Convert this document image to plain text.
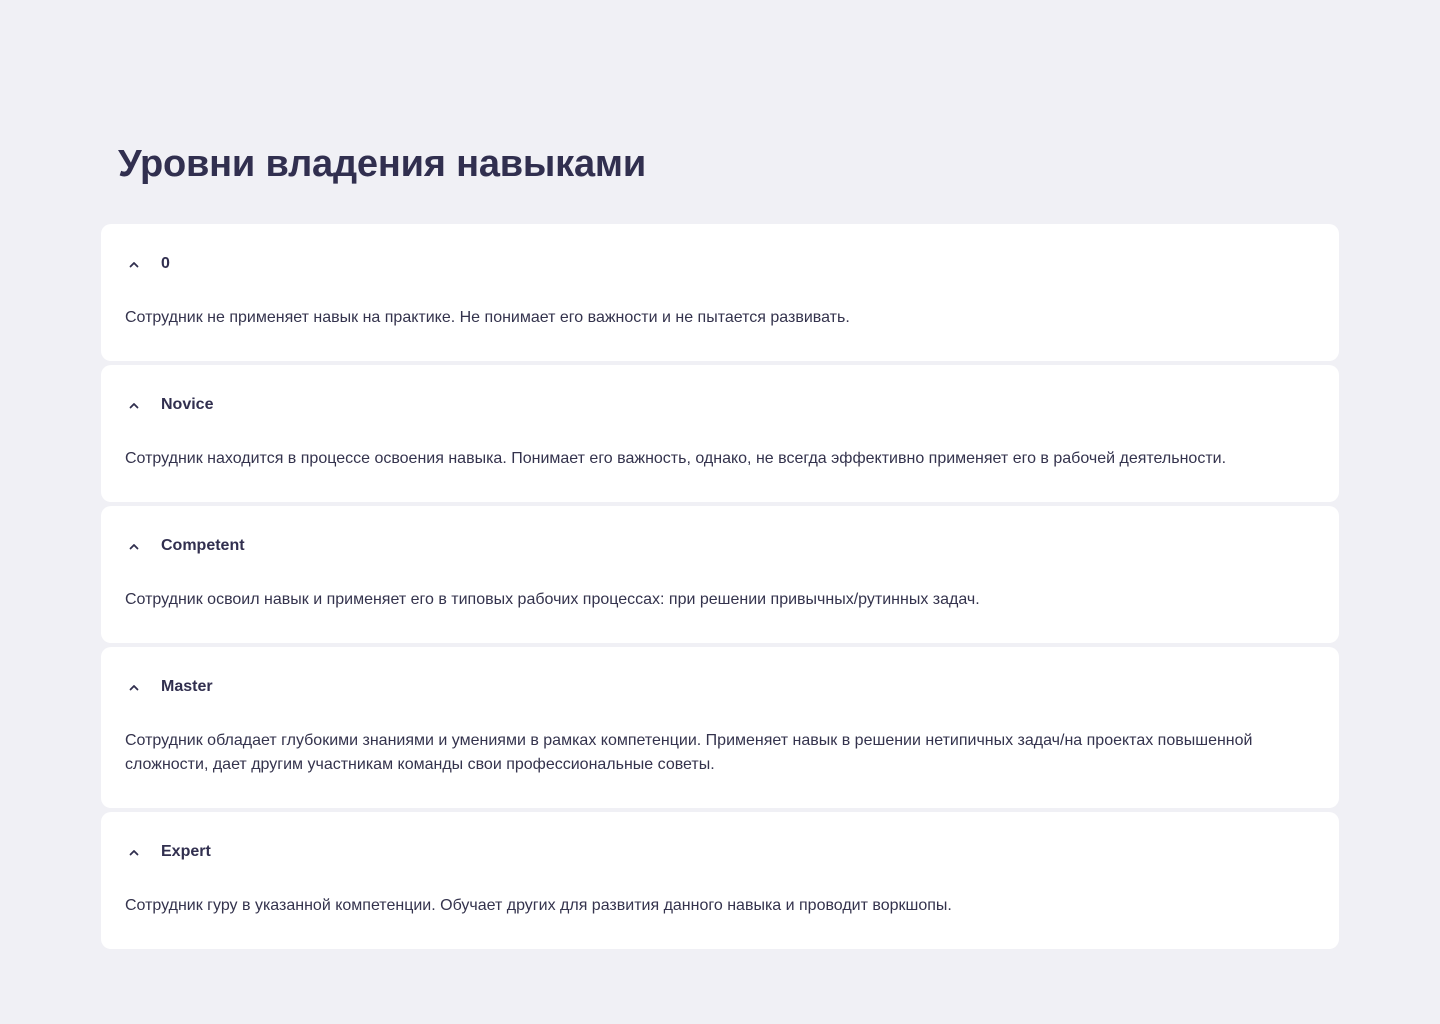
Уровни владения навыками
0

Сотрудник не применяет навык на практике. Не понимает его важности и не пытается развивать.

Novice

Сотрудник находится в процессе освоения навыка. Понимает его важность, однако, не всегда эффективно применяет его в рабочей деятельности.

Competent

Сотрудник освоил навык и применяет его в типовых рабочих процессах: при решении привычных/рутинных задач.

Master

Сотрудник обладает глубокими знаниями и умениями в рамках компетенции. Применяет навык в решении нетипичных задач/на проектах повышенной сложности, дает другим участникам команды свои профессиональные советы.

Expert

Сотрудник гуру в указанной компетенции. Обучает других для развития данного навыка и проводит воркшопы.
